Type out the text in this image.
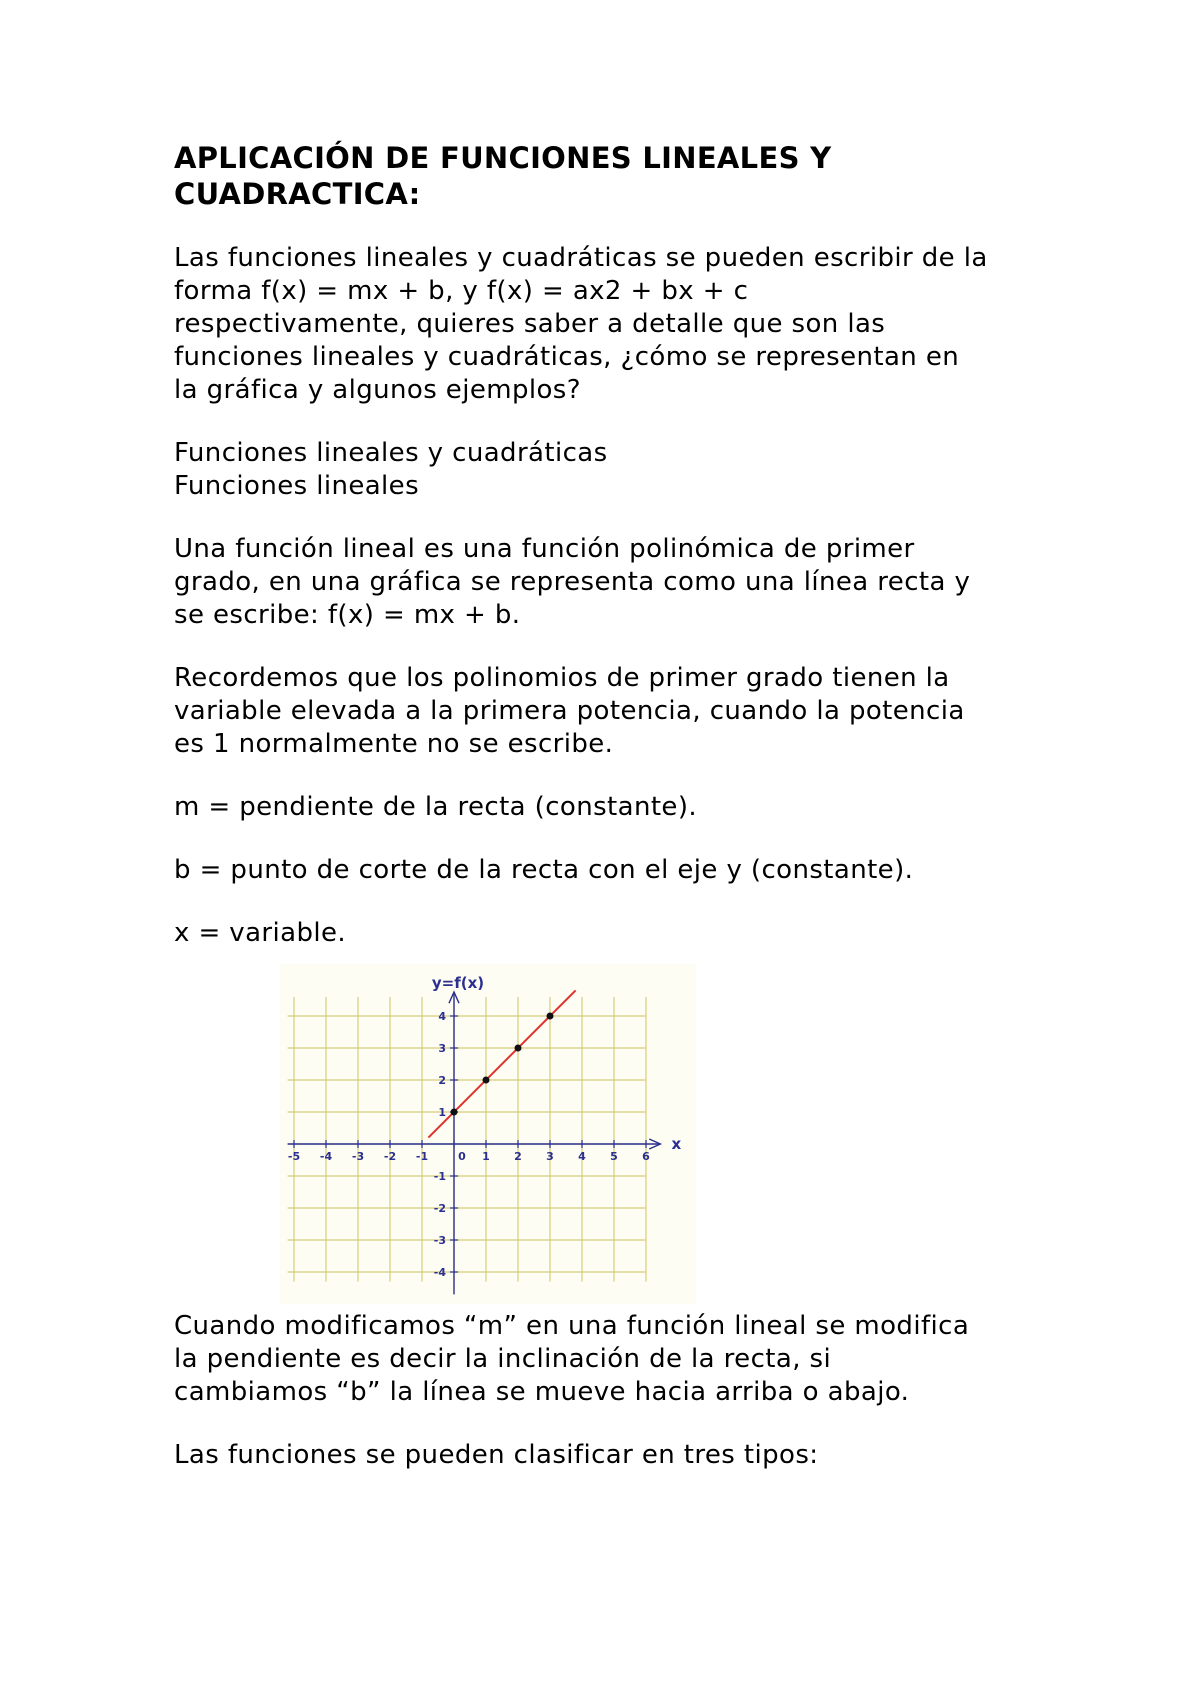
APLICACIÓN DE FUNCIONES LINEALES Y
CUADRACTICA:

Las funciones lineales y cuadráticas se pueden escribir de la

forma f(x) = mx + b, y f(x) = ax2 + bx + c

respectivamente, quieres saber a detalle que son las

funciones lineales y cuadráticas, ¿cómo se representan en

la gráfica y algunos ejemplos?

Funciones lineales y cuadráticas

Funciones lineales

Una función lineal es una función polinómica de primer

grado, en una gráfica se representa como una línea recta y

se escribe: f(x) = mx + b.

Recordemos que los polinomios de primer grado tienen la

variable elevada a la primera potencia, cuando la potencia

es 1 normalmente no se escribe.

m = pendiente de la recta (constante).

b = punto de corte de la recta con el eje y (constante).

x = variable.

-5 -4 -3 -2 -1	0 1 2 3 4 5 6
-4
-3
-2
-1
1
2
3
4
y=f(x)
x

Cuando modificamos “m” en una función lineal se modifica

la pendiente es decir la inclinación de la recta, si

cambiamos “b” la línea se mueve hacia arriba o abajo.

Las funciones se pueden clasificar en tres tipos:
